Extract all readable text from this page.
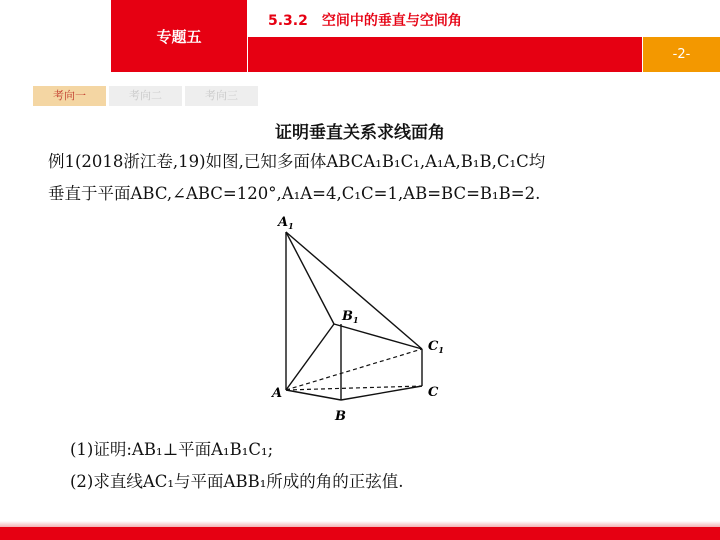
专题五
5.3.2　空间中的垂直与空间角
-2-
考向一	考向二	考向三
证明垂直关系求线面角
例1(2018浙江卷,19)如图,已知多面体ABCA₁B₁C₁,A₁A,B₁B,C₁C均
垂直于平面ABC,∠ABC=120°,A₁A=4,C₁C=1,AB=BC=B₁B=2.
$A_1$
$B_1$
$C_1$
A
B
C
(1)证明:AB₁⊥平面A₁B₁C₁;
(2)求直线AC₁与平面ABB₁所成的角的正弦值.
